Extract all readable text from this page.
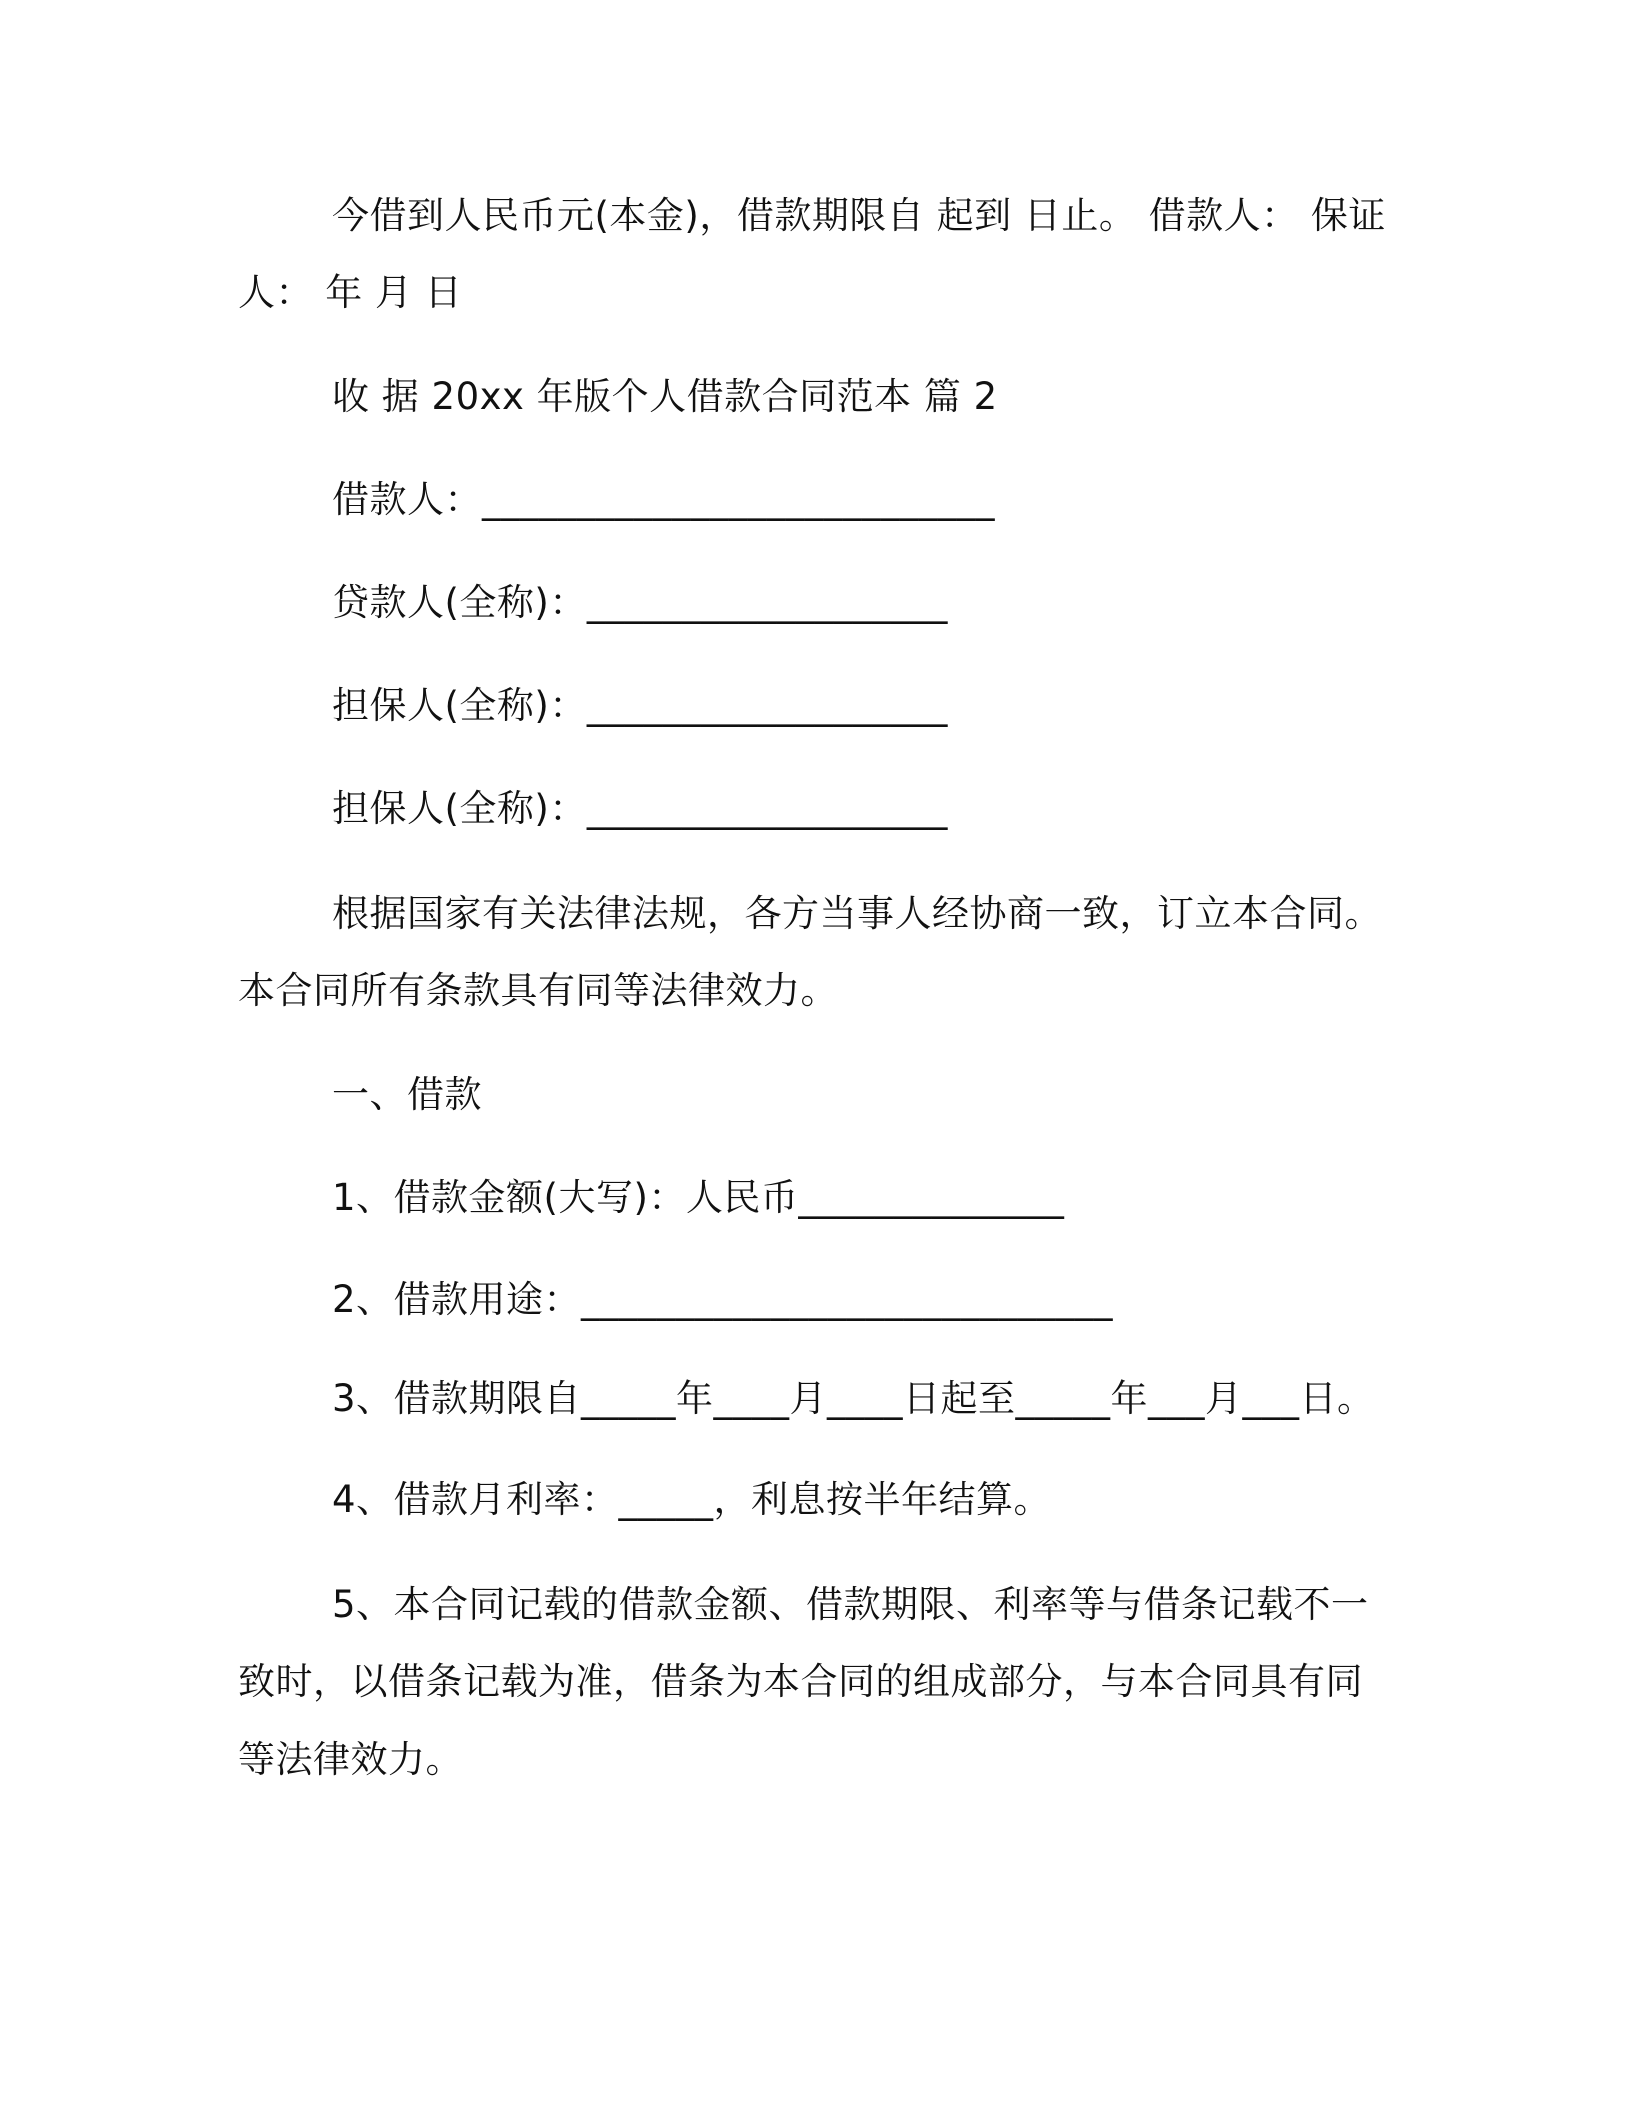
今借到人民币元(本金)，借款期限自 起到 日止。 借款人： 保证
人： 年 月 日
收 据 20xx 年版个人借款合同范本 篇 2
借款人：___________________________
贷款人(全称)：___________________
担保人(全称)：___________________
担保人(全称)：___________________
根据国家有关法律法规，各方当事人经协商一致，订立本合同。
本合同所有条款具有同等法律效力。
一、借款
1、借款金额(大写)：人民币______________
2、借款用途：____________________________
3、借款期限自_____年____月____日起至_____年___月___日。
4、借款月利率：_____，利息按半年结算。
5、本合同记载的借款金额、借款期限、利率等与借条记载不一
致时，以借条记载为准，借条为本合同的组成部分，与本合同具有同
等法律效力。
